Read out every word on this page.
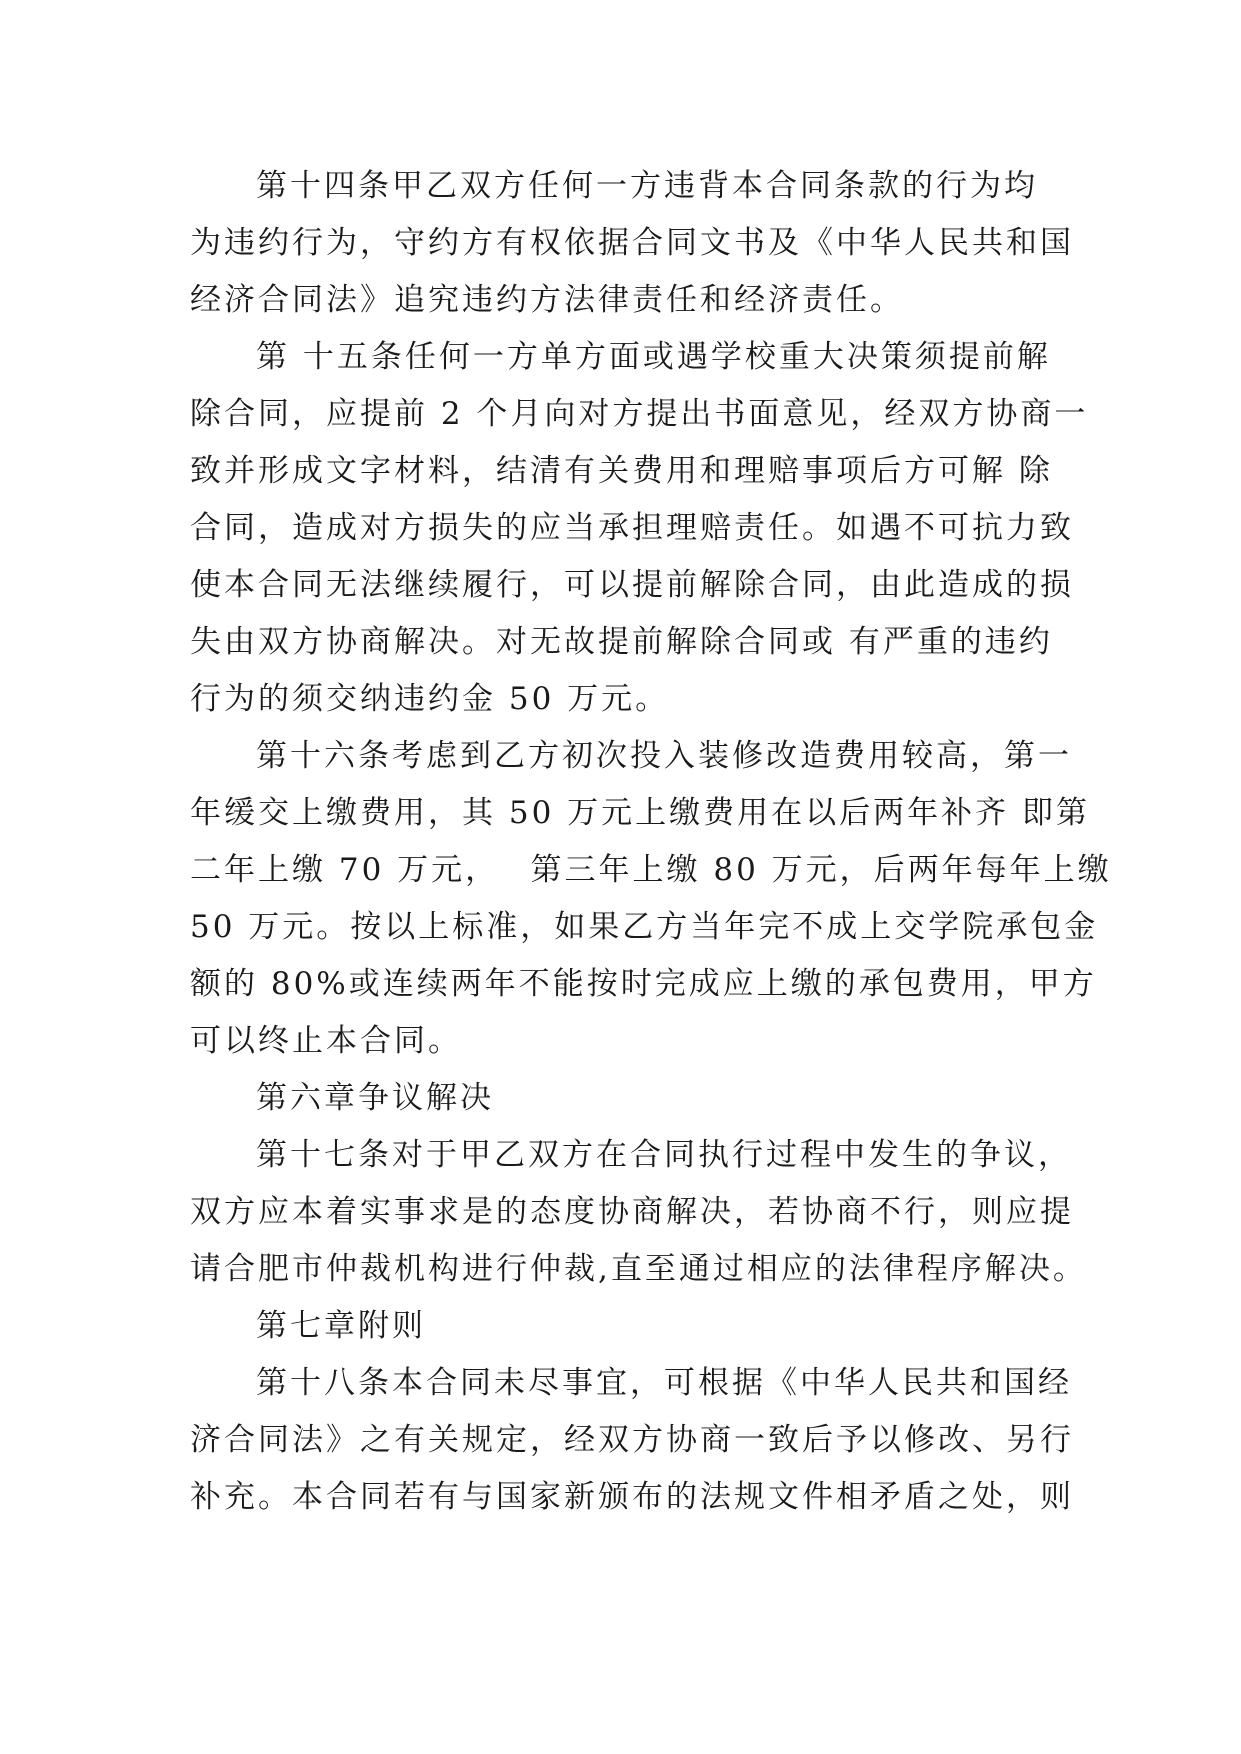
第十四条甲乙双方任何一方违背本合同条款的行为均
为违约行为，守约方有权依据合同文书及《中华人民共和国
经济合同法》追究违约方法律责任和经济责任。
第 十五条任何一方单方面或遇学校重大决策须提前解
除合同，应提前 2 个月向对方提出书面意见，经双方协商一
致并形成文字材料，结清有关费用和理赔事项后方可解 除
合同，造成对方损失的应当承担理赔责任。如遇不可抗力致
使本合同无法继续履行，可以提前解除合同，由此造成的损
失由双方协商解决。对无故提前解除合同或 有严重的违约
行为的须交纳违约金 50 万元。
第十六条考虑到乙方初次投入装修改造费用较高，第一
年缓交上缴费用，其 50 万元上缴费用在以后两年补齐 即第
二年上缴 70 万元，　 第三年上缴 80 万元，后两年每年上缴
50 万元。按以上标准，如果乙方当年完不成上交学院承包金
额的 80%或连续两年不能按时完成应上缴的承包费用，甲方
可以终止本合同。
第六章争议解决
第十七条对于甲乙双方在合同执行过程中发生的争议，
双方应本着实事求是的态度协商解决，若协商不行，则应提
请合肥市仲裁机构进行仲裁,直至通过相应的法律程序解决。
第七章附则
第十八条本合同未尽事宜，可根据《中华人民共和国经
济合同法》之有关规定，经双方协商一致后予以修改、另行
补充。本合同若有与国家新颁布的法规文件相矛盾之处，则
